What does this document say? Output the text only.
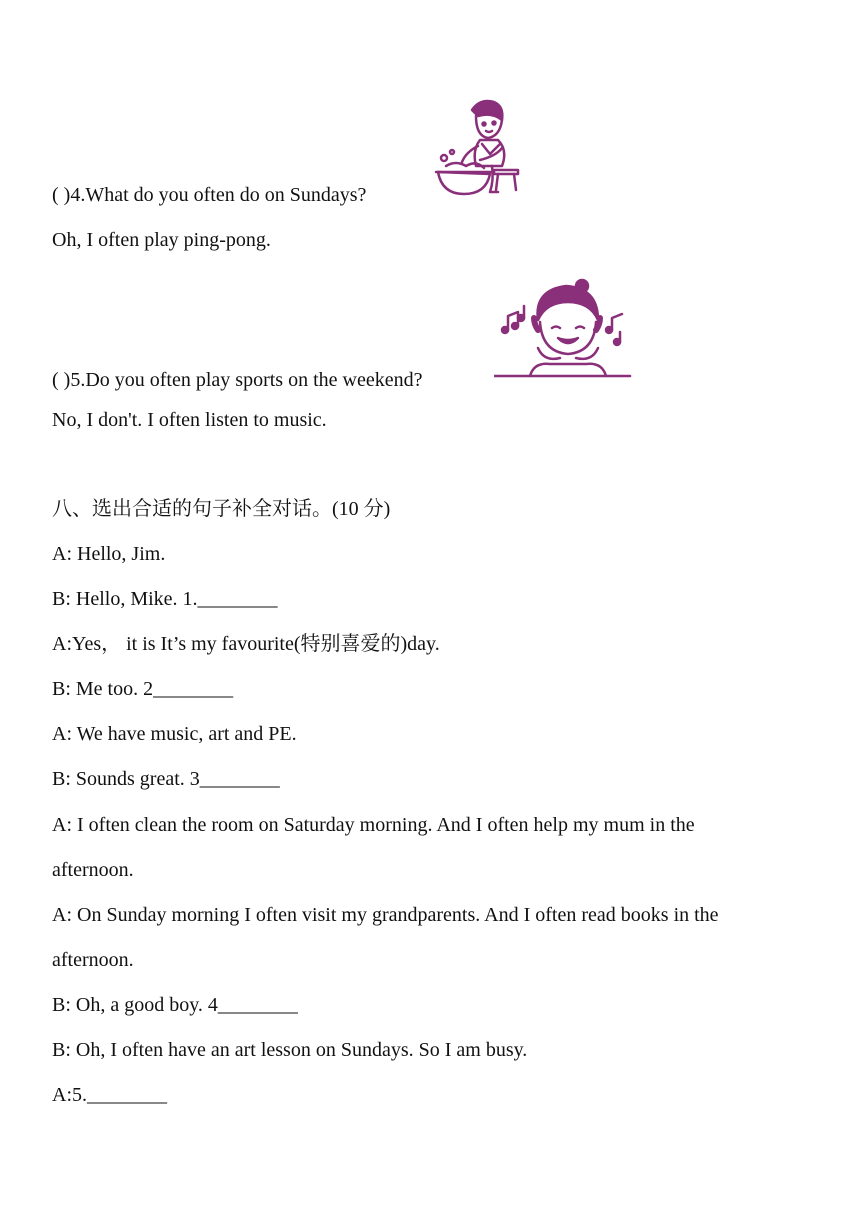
( )4.What do you often do on Sundays?
Oh, I often play ping-pong.
( )5.Do you often play sports on the weekend?
No, I don't. I often listen to music.
八、选出合适的句子补全对话。(10 分)
A: Hello, Jim.
B: Hello, Mike. 1.________
A:Yes， it is It’s my favourite(特别喜爱的)day.
B: Me too. 2________
A: We have music, art and PE.
B: Sounds great. 3________
A: I often clean the room on Saturday morning. And I often help my mum in the
afternoon.
A: On Sunday morning I often visit my grandparents. And I often read books in the
afternoon.
B: Oh, a good boy. 4________
B: Oh, I often have an art lesson on Sundays. So I am busy.
A:5.________
